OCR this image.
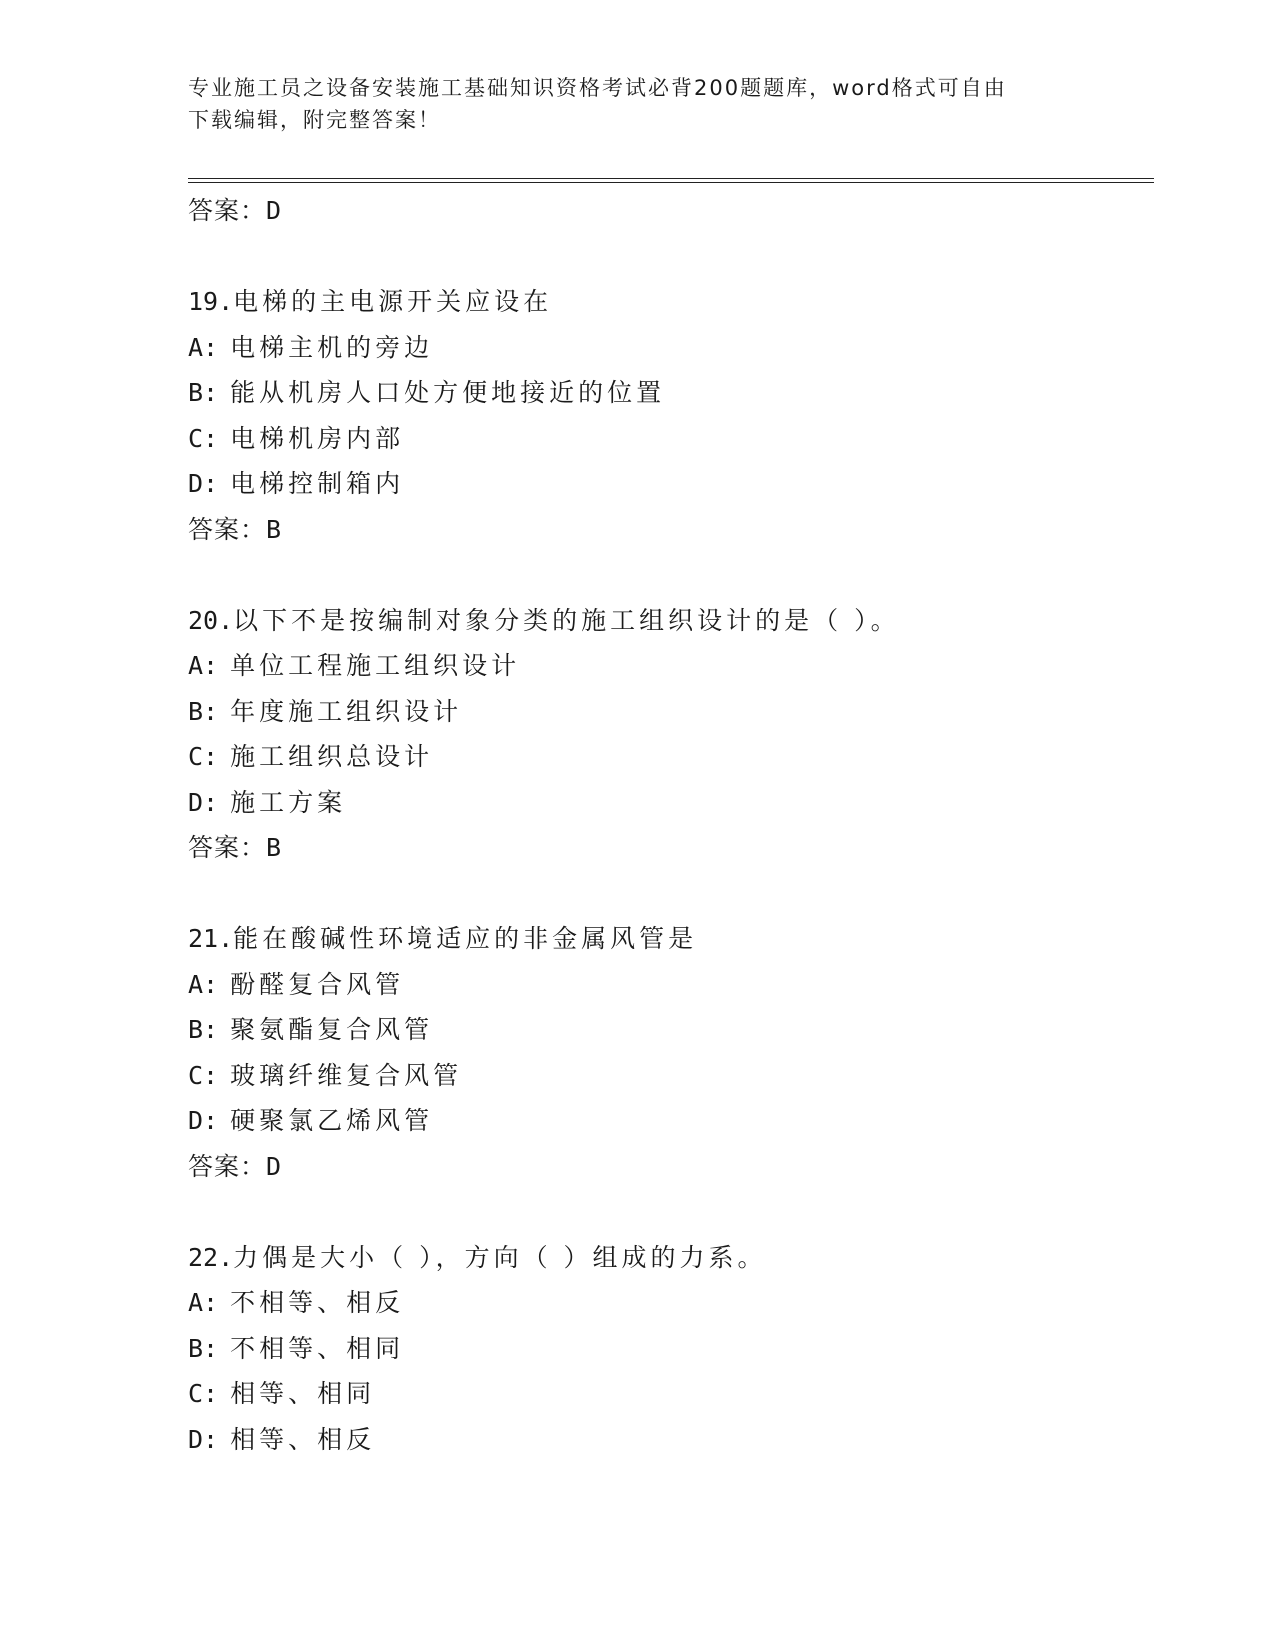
专业施工员之设备安装施工基础知识资格考试必背200题题库，word格式可自由
下载编辑，附完整答案！
答案：D
19.电梯的主电源开关应设在
A: 电梯主机的旁边
B: 能从机房人口处方便地接近的位置
C: 电梯机房内部
D: 电梯控制箱内
答案：B
20.以下不是按编制对象分类的施工组织设计的是（ ）。
A: 单位工程施工组织设计
B: 年度施工组织设计
C: 施工组织总设计
D: 施工方案
答案：B
21.能在酸碱性环境适应的非金属风管是
A: 酚醛复合风管
B: 聚氨酯复合风管
C: 玻璃纤维复合风管
D: 硬聚氯乙烯风管
答案：D
22.力偶是大小（ ），方向（ ）组成的力系。
A: 不相等、相反
B: 不相等、相同
C: 相等、相同
D: 相等、相反
